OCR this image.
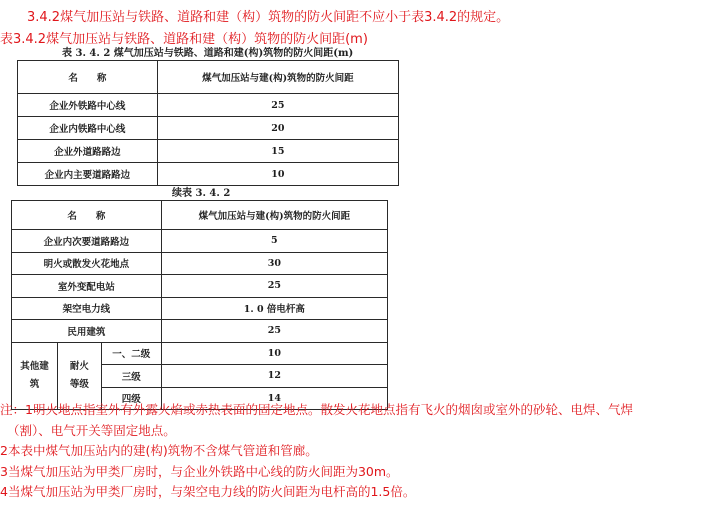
3.4.2煤气加压站与铁路、道路和建（构）筑物的防火间距不应小于表3.4.2的规定。
表3.4.2煤气加压站与铁路、道路和建（构）筑物的防火间距(m)
表 3. 4. 2 煤气加压站与铁路、道路和建(构)筑物的防火间距(m)
名　　称	煤气加压站与建(构)筑物的防火间距
企业外铁路中心线	25
企业内铁路中心线	20
企业外道路路边	15
企业内主要道路路边	10
续表 3. 4. 2
名　　称			煤气加压站与建(构)筑物的防火间距
企业内次要道路路边			5
明火或散发火花地点			30
室外变配电站			25
架空电力线			1. 0 倍电杆高
民用建筑			25
其他建筑	耐火等级	一、二级	10
		三级	12
		四级	14
注：1明火地点指室外有外露火焰或赤热表面的固定地点。散发火花地点指有飞火的烟囱或室外的砂轮、电焊、气焊
（割）、电气开关等固定地点。
2本表中煤气加压站内的建(构)筑物不含煤气管道和管廊。
3当煤气加压站为甲类厂房时，与企业外铁路中心线的防火间距为30m。
4当煤气加压站为甲类厂房时，与架空电力线的防火间距为电杆高的1.5倍。
